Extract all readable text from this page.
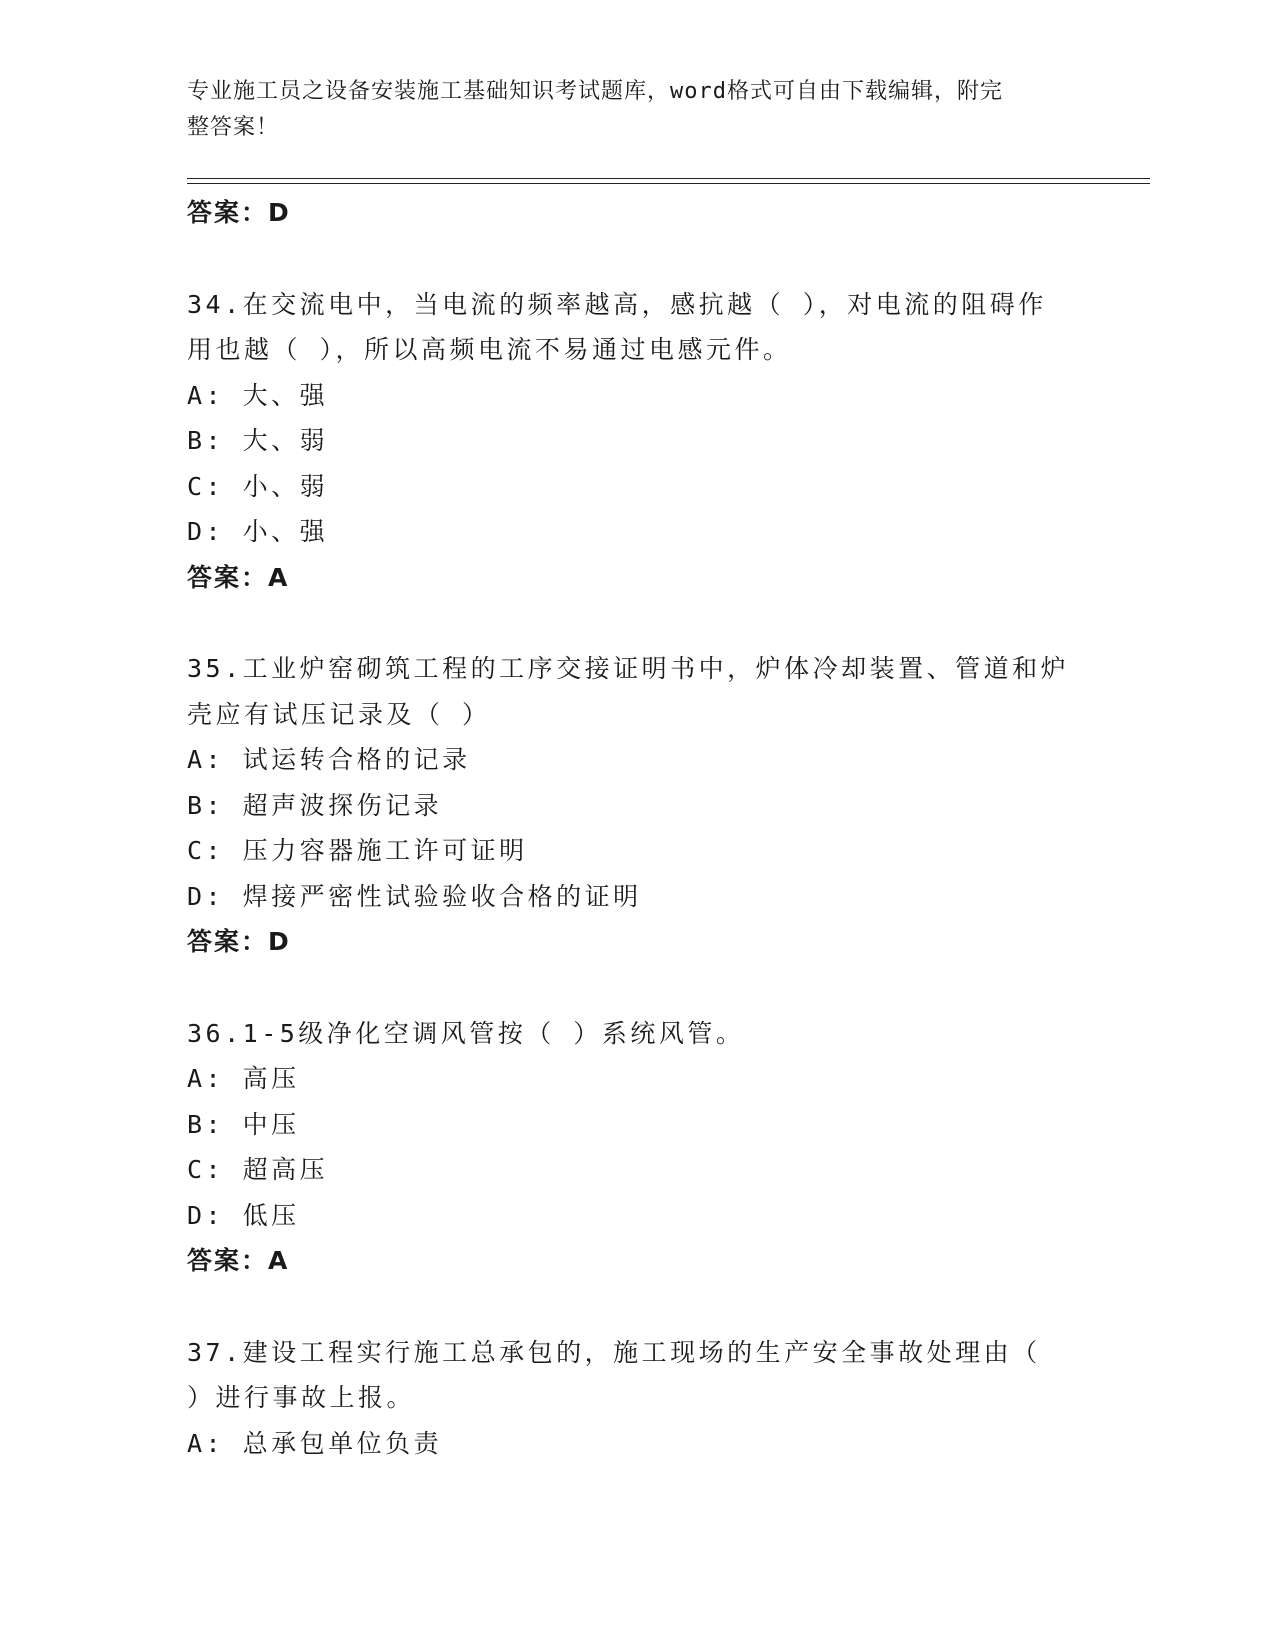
专业施工员之设备安装施工基础知识考试题库，word格式可自由下载编辑，附完
整答案！
答案：D
34.在交流电中，当电流的频率越高，感抗越（ ），对电流的阻碍作
用也越（ ），所以高频电流不易通过电感元件。
A: 大、强
B: 大、弱
C: 小、弱
D: 小、强
答案：A
35.工业炉窑砌筑工程的工序交接证明书中，炉体冷却装置、管道和炉
壳应有试压记录及（ ）
A: 试运转合格的记录
B: 超声波探伤记录
C: 压力容器施工许可证明
D: 焊接严密性试验验收合格的证明
答案：D
36.1-5级净化空调风管按（ ）系统风管。
A: 高压
B: 中压
C: 超高压
D: 低压
答案：A
37.建设工程实行施工总承包的，施工现场的生产安全事故处理由（
）进行事故上报。
A: 总承包单位负责
